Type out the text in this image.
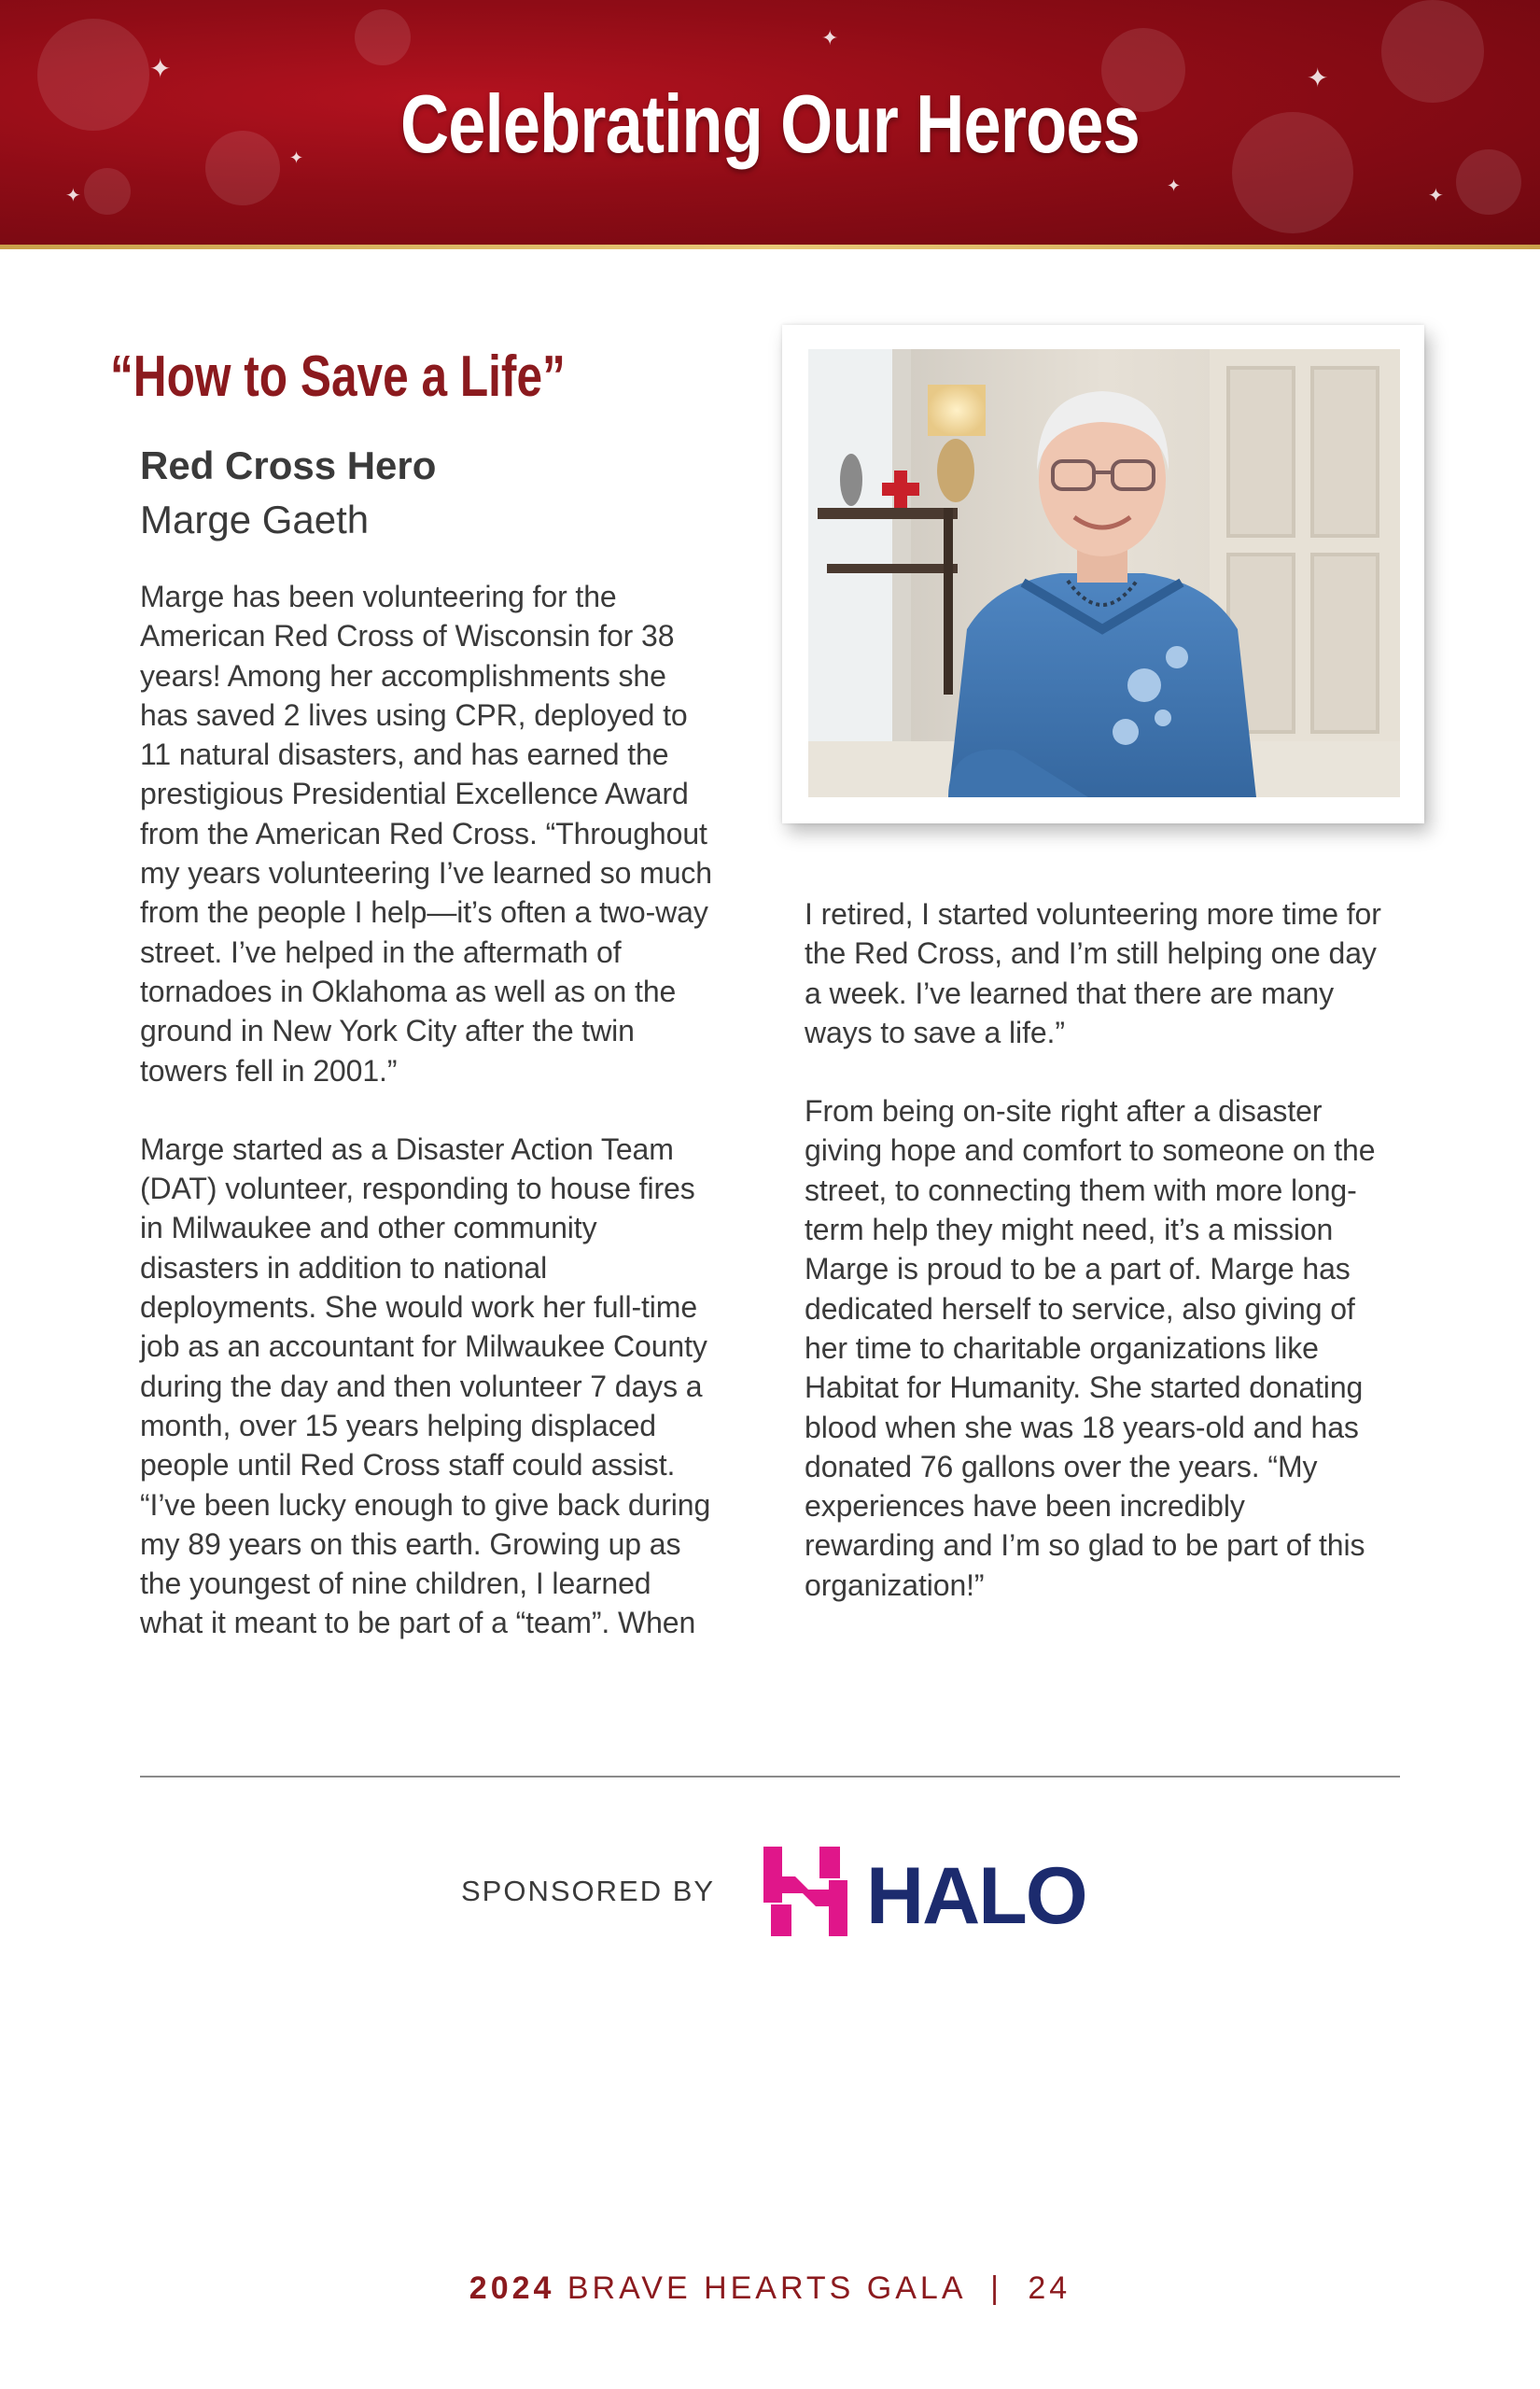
✦
✦
✦
✦
✦
✦
✦
Celebrating Our Heroes
“How to Save a Life”
Red Cross Hero
Marge Gaeth

Marge has been volunteering for the American Red Cross of Wisconsin for 38 years! Among her accomplishments she has saved 2 lives using CPR, deployed to 11 natural disasters, and has earned the prestigious Presidential Excellence Award from the American Red Cross. “Throughout my years volunteering I’ve learned so much from the people I help—it’s often a two-way street. I’ve helped in the aftermath of tornadoes in Oklahoma as well as on the ground in New York City after the twin towers fell in 2001.”

Marge started as a Disaster Action Team (DAT) volunteer, responding to house fires in Milwaukee and other community disasters in addition to national deployments. She would work her full-time job as an accountant for Milwaukee County during the day and then volunteer 7 days a month, over 15 years helping displaced people until Red Cross staff could assist. “I’ve been lucky enough to give back during my 89 years on this earth. Growing up as the youngest of nine children, I learned what it meant to be part of a “team”. When

I retired, I started volunteering more time for the Red Cross, and I’m still helping one day a week. I’ve learned that there are many ways to save a life.”

From being on-site right after a disaster giving hope and comfort to someone on the street, to connecting them with more long-term help they might need, it’s a mission Marge is proud to be a part of. Marge has dedicated herself to service, also giving of her time to charitable organizations like Habitat for Humanity. She started donating blood when she was 18 years-old and has donated 76 gallons over the years. “My experiences have been incredibly rewarding and I’m so glad to be part of this organization!”

SPONSORED BY HALO
2024 BRAVE HEARTS GALA | 24
